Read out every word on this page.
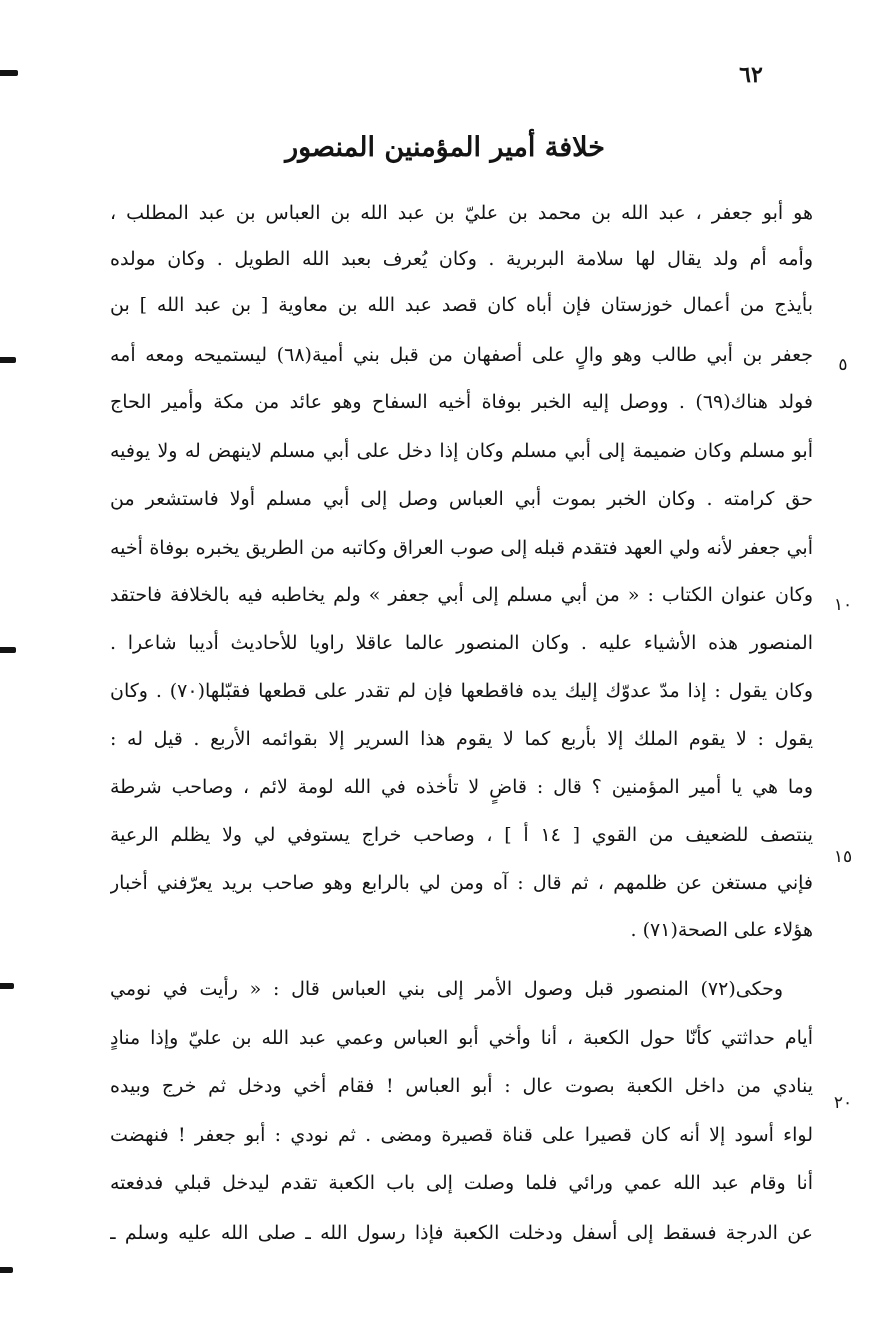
٦٢
خلافة أمير المؤمنين المنصور
هو أبو جعفر ، عبد الله بن محمد بن عليّ بن عبد الله بن العباس بن عبد المطلب ،
وأمه أم ولد يقال لها سلامة البربرية . وكان يُعرف بعبد الله الطويل . وكان مولده
بأيذج من أعمال خوزستان فإن أباه كان قصد عبد الله بن معاوية [ بن عبد الله ] بن
جعفر بن أبي طالب وهو والٍ على أصفهان من قبل بني أمية(٦٨) ليستميحه ومعه أمه
فولد هناك(٦٩) . ووصل إليه الخبر بوفاة أخيه السفاح وهو عائد من مكة وأمير الحاج
أبو مسلم وكان ضميمة إلى أبي مسلم وكان إذا دخل على أبي مسلم لاينهض له ولا يوفيه
حق كرامته . وكان الخبر بموت أبي العباس وصل إلى أبي مسلم أولا فاستشعر من
أبي جعفر لأنه ولي العهد فتقدم قبله إلى صوب العراق وكاتبه من الطريق يخبره بوفاة أخيه
وكان عنوان الكتاب : « من أبي مسلم إلى أبي جعفر » ولم يخاطبه فيه بالخلافة فاحتقد
المنصور هذه الأشياء عليه . وكان المنصور عالما عاقلا راويا للأحاديث أديبا شاعرا .
وكان يقول : إذا مدّ عدوّك إليك يده فاقطعها فإن لم تقدر على قطعها فقبّلها(٧٠) . وكان
يقول : لا يقوم الملك إلا بأربع كما لا يقوم هذا السرير إلا بقوائمه الأربع . قيل له :
وما هي يا أمير المؤمنين ؟ قال : قاضٍ لا تأخذه في الله لومة لائم ، وصاحب شرطة
ينتصف للضعيف من القوي [ ١٤ أ ] ، وصاحب خراج يستوفي لي ولا يظلم الرعية
فإني مستغن عن ظلمهم ، ثم قال : آه ومن لي بالرابع وهو صاحب بريد يعرّفني أخبار
هؤلاء على الصحة(٧١) .
وحكى(٧٢) المنصور قبل وصول الأمر إلى بني العباس قال : « رأيت في نومي
أيام حداثتي كأنّا حول الكعبة ، أنا وأخي أبو العباس وعمي عبد الله بن عليّ وإذا منادٍ
ينادي من داخل الكعبة بصوت عال : أبو العباس ! فقام أخي ودخل ثم خرج وبيده
لواء أسود إلا أنه كان قصيرا على قناة قصيرة ومضى . ثم نودي : أبو جعفر ! فنهضت
أنا وقام عبد الله عمي ورائي فلما وصلت إلى باب الكعبة تقدم ليدخل قبلي فدفعته
عن الدرجة فسقط إلى أسفل ودخلت الكعبة فإذا رسول الله ـ صلى الله عليه وسلم ـ
٥
١٠
١٥
٢٠
